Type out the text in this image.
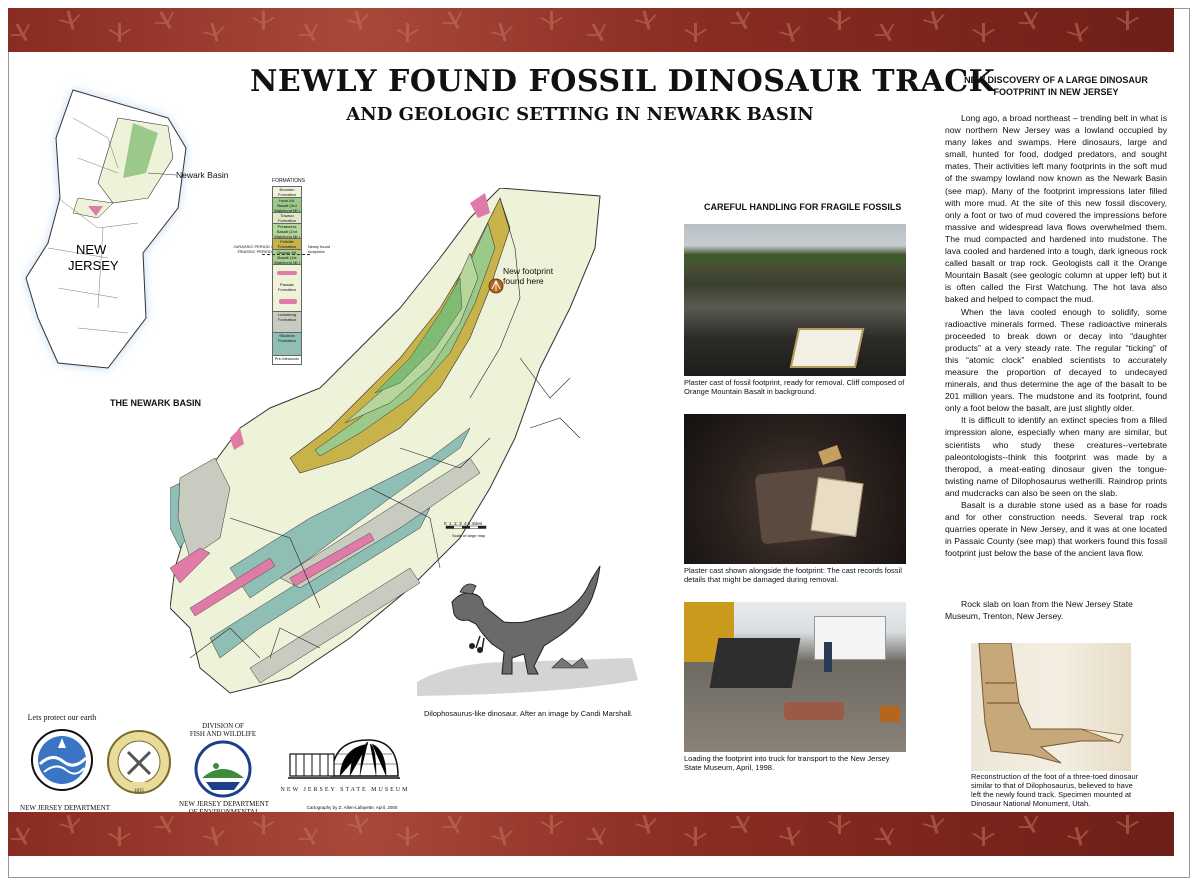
NEWLY FOUND FOSSIL DINOSAUR TRACK
AND GEOLOGIC SETTING IN NEWARK BASIN
NEW
JERSEY
Newark Basin
FORMATIONS
Boonton Formation
Hook Mt. Basalt (3rd Watchung Mt.)
Towaco Formation
Preakness Basalt (2nd Watchung Mt.)
Feltville Formation
Orange Mt. Basalt (1st Watchung Mt.)
Passaic Formation
Lockatong Formation
Stockton Formation
Pre-Mesozoic
JURASSIC PERIOD / TRIASSIC PERIOD
Newly found footprints
New footprint found here
0 1 2 3 4 5 miles
Scale of large map
THE NEWARK BASIN
Dilophosaurus-like dinosaur. After an image by Candi Marshall.
Lets protect our earth
NEW JERSEY DEPARTMENT
1835
DIVISION OF
FISH AND WILDLIFE
NEW JERSEY DEPARTMENT
NEW JERSEY STATE MUSEUM
Cartography by Z. Allen-Lafayette, April, 2000
CAREFUL HANDLING FOR FRAGILE FOSSILS
Plaster cast of fossil footprint, ready for removal. Cliff composed of Orange Mountain Basalt in background.
Plaster cast shown alongside the footprint: The cast records fossil details that might be damaged during removal.
Loading the footprint into truck for transport to the New Jersey State Museum, April, 1998.
NEW DISCOVERY OF A LARGE DINOSAUR FOOTPRINT IN NEW JERSEY

Long ago, a broad northeast – trending belt in what is now northern New Jersey was a lowland occupied by many lakes and swamps. Here dinosaurs, large and small, hunted for food, dodged predators, and sought mates. Their activities left many footprints in the soft mud of the swampy lowland now known as the Newark Basin (see map). Many of the footprint impressions later filled with more mud. At the site of this new fossil discovery, only a foot or two of mud covered the impressions before massive and widespread lava flows overwhelmed them. The mud compacted and hardened into mudstone. The lava cooled and hardened into a tough, dark igneous rock called basalt or trap rock. Geologists call it the Orange Mountain Basalt (see geologic column at upper left) but it is often called the First Watchung. The hot lava also baked and helped to compact the mud.

When the lava cooled enough to solidify, some radioactive minerals formed. These radioactive minerals proceeded to break down or decay into “daughter products” at a very steady rate. The regular “ticking” of this “atomic clock” enabled scientists to accurately measure the proportion of decayed to undecayed minerals, and thus determine the age of the basalt to be 201 million years. The mudstone and its footprint, found only a foot below the basalt, are just slightly older.

It is difficult to identify an extinct species from a filled impression alone, especially when many are similar, but scientists who study these creatures--vertebrate paleontologists--think this footprint was made by a theropod, a meat-eating dinosaur given the tongue-twisting name of Dilophosaurus wetherilli. Raindrop prints and mudcracks can also be seen on the slab.

Basalt is a durable stone used as a base for roads and for other construction needs. Several trap rock quarries operate in New Jersey, and it was at one located in Passaic County (see map) that workers found this fossil footprint just below the base of the ancient lava flow.

Rock slab on loan from the New Jersey State Museum, Trenton, New Jersey.
Reconstruction of the foot of a three-toed dinosaur similar to that of Dilophosaurus, believed to have left the newly found track. Specimen mounted at Dinosaur National Monument, Utah.
